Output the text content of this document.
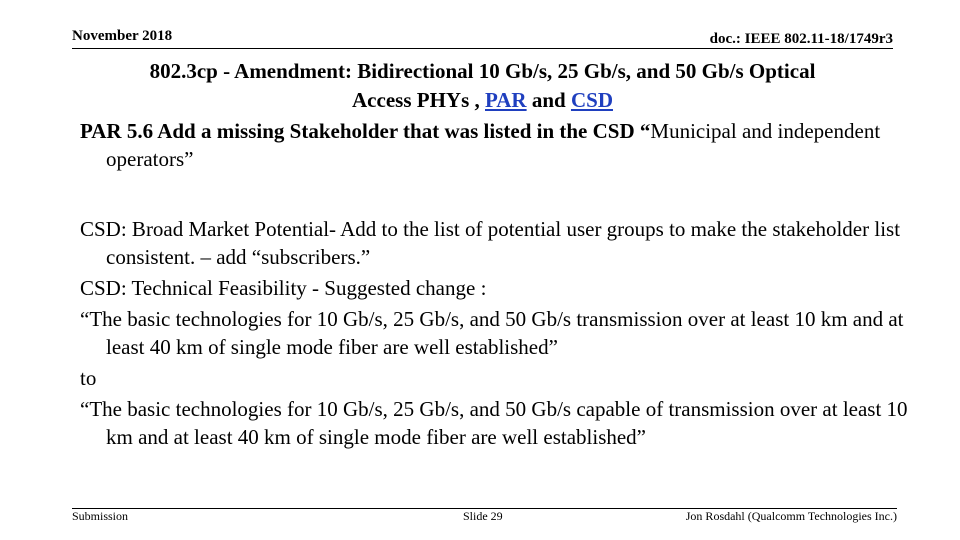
November 2018	doc.: IEEE 802.11-18/1749r3
802.3cp - Amendment: Bidirectional 10 Gb/s, 25 Gb/s, and 50 Gb/s Optical
Access PHYs , PAR and CSD
PAR 5.6 Add a missing Stakeholder that was listed in the CSD “Municipal and independent operators”

CSD: Broad Market Potential- Add to the list of potential user groups to make the stakeholder list consistent. – add “subscribers.”

CSD: Technical Feasibility - Suggested change :

“The basic technologies for 10 Gb/s, 25 Gb/s, and 50 Gb/s transmission over at least 10 km and at least 40 km of single mode fiber are well established”

to

“The basic technologies for 10 Gb/s, 25 Gb/s, and 50 Gb/s capable of transmission over at least 10 km and at least 40 km of single mode fiber are well established”

Submission	Slide 29	Jon Rosdahl (Qualcomm Technologies Inc.)
